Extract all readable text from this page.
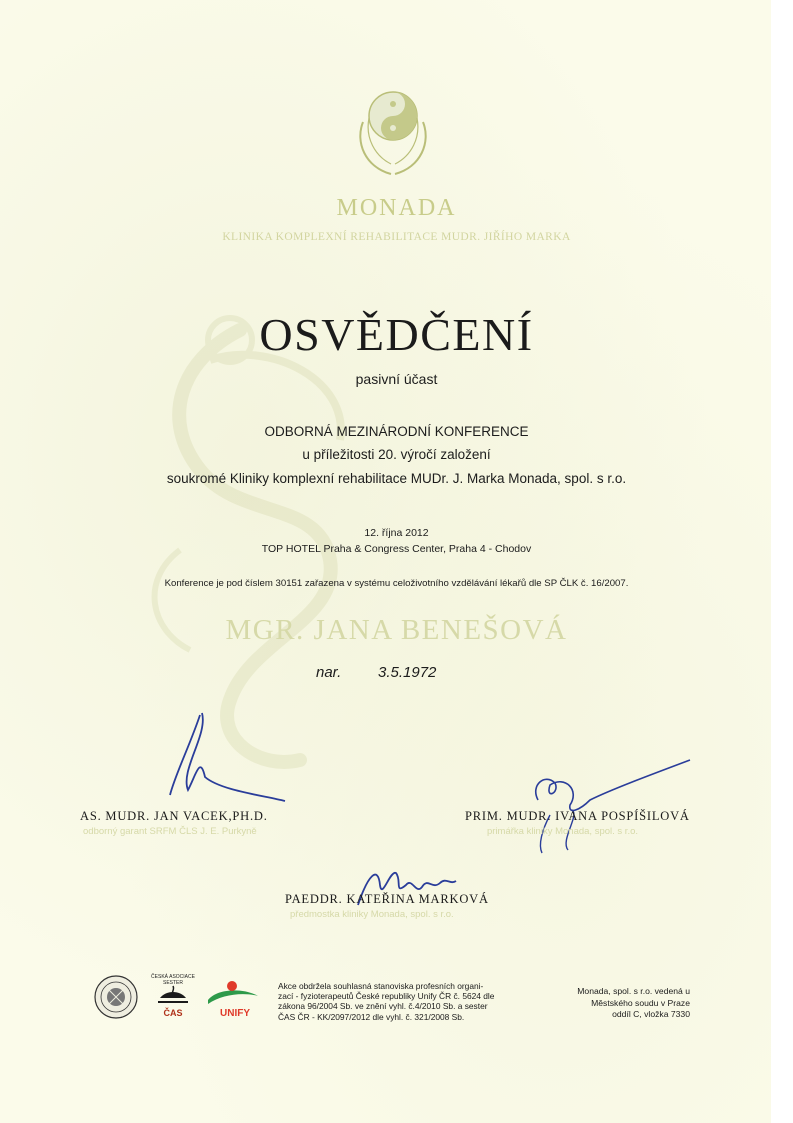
MONADA
KLINIKA KOMPLEXNÍ REHABILITACE MUDR. JIŘÍHO MARKA
OSVĚDČENÍ
pasivní účast
ODBORNÁ MEZINÁRODNÍ KONFERENCE
u příležitosti 20. výročí založení
soukromé Kliniky komplexní rehabilitace MUDr. J. Marka Monada, spol. s r.o.
12. října 2012
TOP HOTEL Praha & Congress Center, Praha 4 - Chodov
Konference je pod číslem 30151 zařazena v systému celoživotního vzdělávání lékařů dle SP ČLK č. 16/2007.
MGR. JANA BENEŠOVÁ
nar. 3.5.1972
AS. MUDR. JAN VACEK,PH.D.
odborný garant SRFM ČLS J. E. Purkyně
PRIM. MUDR. IVANA POSPÍŠILOVÁ
primářka kliniky Monada, spol. s r.o.
PAEDDR. KATEŘINA MARKOVÁ
předmostka kliniky Monada, spol. s r.o.
ČESKÁ ASOCIACE SESTER
ČAS	UNIFY
Akce obdržela souhlasná stanoviska profesních organi-
zací - fyzioterapeutů České republiky Unify ČR č. 5624 dle
zákona 96/2004 Sb. ve znění vyhl. č.4/2010 Sb. a sester
ČAS ČR - KK/2097/2012 dle vyhl. č. 321/2008 Sb.
Monada, spol. s r.o. vedená u
Městského soudu v Praze
oddíl C, vložka 7330
